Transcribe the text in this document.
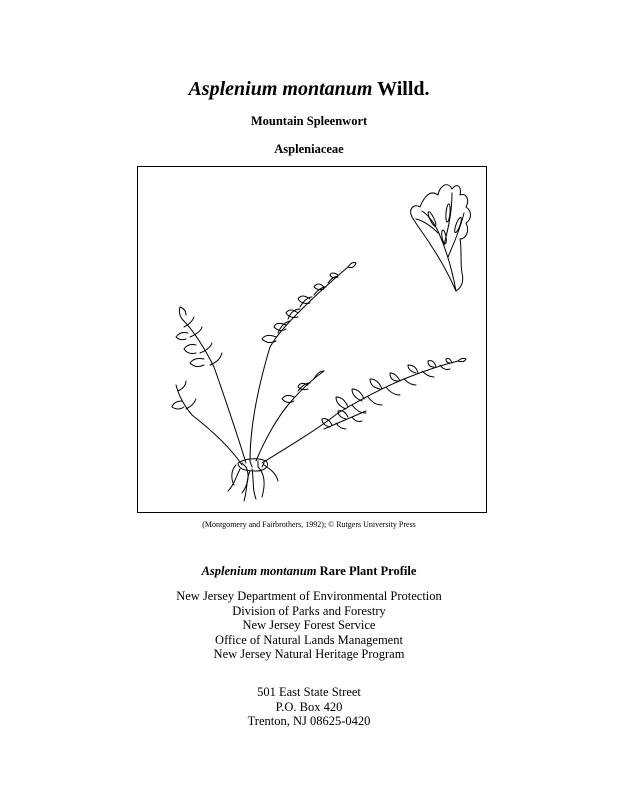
Asplenium montanum Willd.
Mountain Spleenwort
Aspleniaceae
(Montgomery and Fairbrothers, 1992); © Rutgers University Press
Asplenium montanum Rare Plant Profile
New Jersey Department of Environmental Protection
Division of Parks and Forestry
New Jersey Forest Service
Office of Natural Lands Management
New Jersey Natural Heritage Program
501 East State Street
P.O. Box 420
Trenton, NJ 08625-0420
